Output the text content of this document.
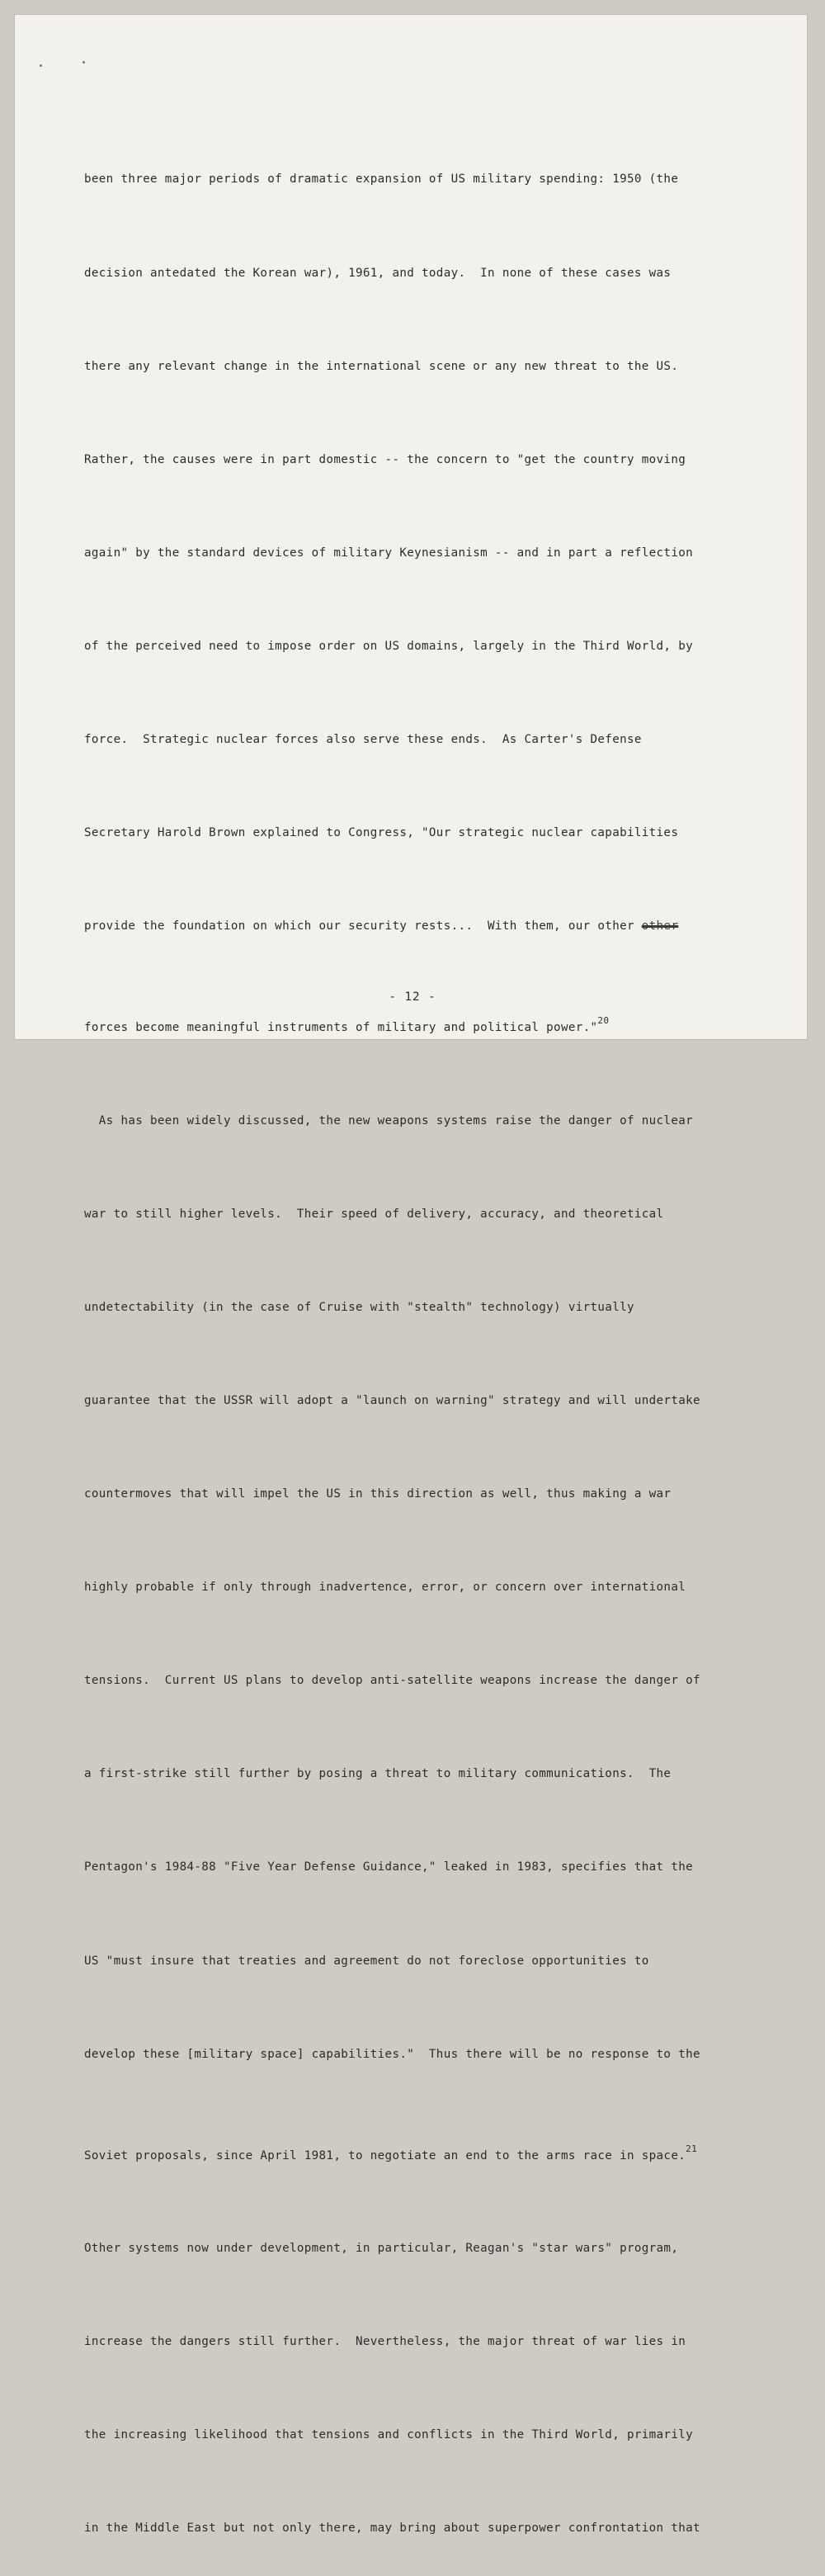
been three major periods of dramatic expansion of US military spending: 1950 (the

decision antedated the Korean war), 1961, and today.  In none of these cases was

there any relevant change in the international scene or any new threat to the US.

Rather, the causes were in part domestic -- the concern to "get the country moving

again" by the standard devices of military Keynesianism -- and in part a reflection

of the perceived need to impose order on US domains, largely in the Third World, by

force.  Strategic nuclear forces also serve these ends.  As Carter's Defense

Secretary Harold Brown explained to Congress, "Our strategic nuclear capabilities

provide the foundation on which our security rests...  With them, our other other

forces become meaningful instruments of military and political power."$^{20}$

As has been widely discussed, the new weapons systems raise the danger of nuclear

war to still higher levels.  Their speed of delivery, accuracy, and theoretical

undetectability (in the case of Cruise with "stealth" technology) virtually

guarantee that the USSR will adopt a "launch on warning" strategy and will undertake

countermoves that will impel the US in this direction as well, thus making a war

highly probable if only through inadvertence, error, or concern over international

tensions.  Current US plans to develop anti-satellite weapons increase the danger of

a first-strike still further by posing a threat to military communications.  The

Pentagon's 1984-88 "Five Year Defense Guidance," leaked in 1983, specifies that the

US "must insure that treaties and agreement do not foreclose opportunities to

develop these [military space] capabilities."  Thus there will be no response to the

Soviet proposals, since April 1981, to negotiate an end to the arms race in space.$^{21}$

Other systems now under development, in particular, Reagan's "star wars" program,

increase the dangers still further.  Nevertheless, the major threat of war lies in

the increasing likelihood that tensions and conflicts in the Third World, primarily

in the Middle East but not only there, may bring about superpower confrontation that

- 12 -
